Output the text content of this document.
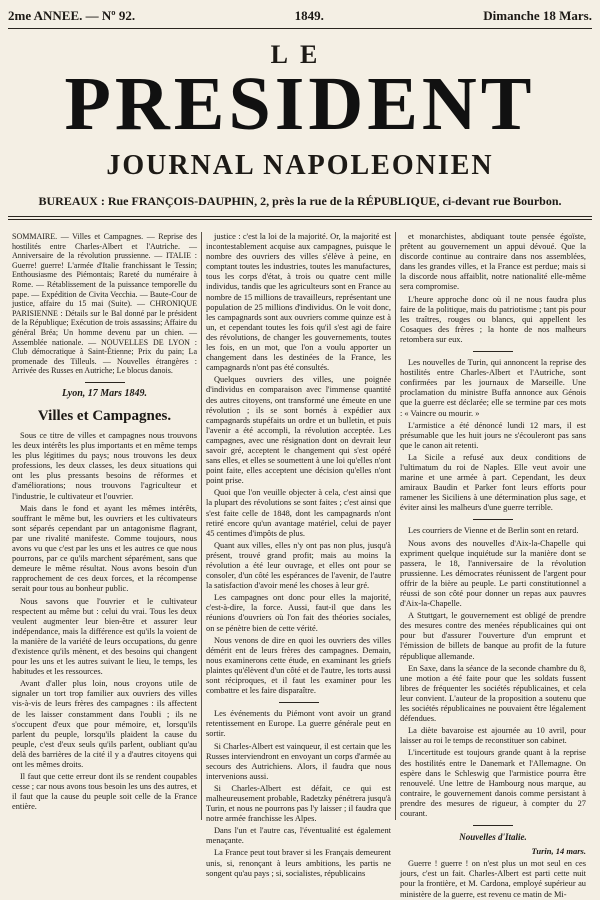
2me ANNEE. — Nº 92.	1849.	Dimanche 18 Mars.
LE
PRESIDENT
JOURNAL NAPOLEONIEN
BUREAUX : Rue FRANÇOIS-DAUPHIN, 2, près la rue de la RÉPUBLIQUE, ci-devant rue Bourbon.
SOMMAIRE. — Villes et Campagnes. — Reprise des hostilités entre Charles-Albert et l'Autriche. — Anniversaire de la révolution prussienne. — ITALIE : Guerre! guerre! L'armée d'Italie franchissant le Tessin; Enthousiasme des Piémontais; Rareté du numéraire à Rome. — Rétablissement de la puissance temporelle du pape. — Expédition de Civita Vecchia. — Baute-Cour de justice, affaire du 15 mai (Suite). — CHRONIQUE PARISIENNE : Détails sur le Bal donné par le président de la République; Exécution de trois assassins; Affaire du général Bréa; Un homme devenu par un chien. — Assemblée nationale. — NOUVELLES DE LYON : Club démocratique à Saint-Étienne; Prix du pain; La promenade des Tilleuls. — Nouvelles étrangères : Arrivée des Russes en Autriche; Le blocus danois.
Lyon, 17 Mars 1849.
Villes et Campagnes.

Sous ce titre de villes et campagnes nous trouvons les deux intérêts les plus importants et en même temps les plus légitimes du pays; nous trouvons les deux professions, les deux classes, les deux situations qui ont les plus pressants besoins de réformes et d'améliorations; nous trouvons l'agriculteur et l'industrie, le cultivateur et l'ouvrier.

Mais dans le fond et ayant les mêmes intérêts, souffrant le même but, les ouvriers et les cultivateurs sont séparés cependant par un antagonisme flagrant, par une rivalité manifeste. Comme toujours, nous avons vu que c'est par les uns et les autres ce que nous pourrons, par ce qu'ils marchent séparément, sans que demeure le même résultat. Nous avons besoin d'un rapprochement de ces deux forces, et la récompense serait pour tous au bonheur public.

Nous savons que l'ouvrier et le cultivateur respectent au même but : celui du vrai. Tous les deux veulent augmenter leur bien-être et assurer leur indépendance, mais la différence est qu'ils la voient de la manière de la variété de leurs occupations, du genre d'existence qu'ils mènent, et des besoins qui changent pour les uns et les autres suivant le lieu, le temps, les habitudes et les ressources.

Avant d'aller plus loin, nous croyons utile de signaler un tort trop familier aux ouvriers des villes vis-à-vis de leurs frères des campagnes : ils affectent de les laisser constamment dans l'oubli ; ils ne s'occupent d'eux que pour mémoire, et, lorsqu'ils parlent du peuple, lorsqu'ils plaident la cause du peuple, c'est d'eux seuls qu'ils parlent, oubliant qu'au delà des barrières de la cité il y a d'autres citoyens qui ont les mêmes droits.

Il faut que cette erreur dont ils se rendent coupables cesse ; car nous avons tous besoin les uns des autres, et il faut que la cause du peuple soit celle de la France entière.

justice : c'est la loi de la majorité. Or, la majorité est incontestablement acquise aux campagnes, puisque le nombre des ouvriers des villes s'élève à peine, en comptant toutes les industries, toutes les manufactures, tous les corps d'état, à trois ou quatre cent mille individus, tandis que les agriculteurs sont en France au nombre de 15 millions de travailleurs, représentant une population de 25 millions d'individus. On le voit donc, les campagnards sont aux ouvriers comme quinze est à un, et cependant toutes les fois qu'il s'est agi de faire des révolutions, de changer les gouvernements, toutes les fois, en un mot, que l'on a voulu apporter un changement dans les destinées de la France, les campagnards n'ont pas été consultés.

Quelques ouvriers des villes, une poignée d'individus en comparaison avec l'immense quantité des autres citoyens, ont transformé une émeute en une révolution ; ils se sont bornés à expédier aux campagnards stupéfaits un ordre et un bulletin, et puis l'avenir a été accompli, la révolution acceptée. Les campagnes, avec une résignation dont on devrait leur savoir gré, acceptent le changement qui s'est opéré sans elles, et elles se soumettent à une loi qu'elles n'ont point faite, elles acceptent une décision qu'elles n'ont point prise.

Quoi que l'on veuille objecter à cela, c'est ainsi que la plupart des révolutions se sont faites ; c'est ainsi que s'est faite celle de 1848, dont les campagnards n'ont retiré encore qu'un avantage matériel, celui de payer 45 centimes d'impôts de plus.

Quant aux villes, elles n'y ont pas non plus, jusqu'à présent, trouvé grand profit; mais au moins la révolution a été leur ouvrage, et elles ont pour se consoler, d'un côté les espérances de l'avenir, de l'autre la satisfaction d'avoir mené les choses à leur gré.

Les campagnes ont donc pour elles la majorité, c'est-à-dire, la force. Aussi, faut-il que dans les réunions d'ouvriers où l'on fait des théories sociales, on se pénètre bien de cette vérité.

Nous venons de dire en quoi les ouvriers des villes démérit ent de leurs frères des campagnes. Demain, nous examinerons cette étude, en examinant les griefs plaintes qu'élèvent d'un côté et de l'autre, les torts aussi sont réciproques, et il faut les examiner pour les combattre et les faire disparaître.

Les événements du Piémont vont avoir un grand retentissement en Europe. La guerre générale peut en sortir.

Si Charles-Albert est vainqueur, il est certain que les Russes interviendront en envoyant un corps d'armée au secours des Autrichiens. Alors, il faudra que nous intervenions aussi.

Si Charles-Albert est défait, ce qui est malheureusement probable, Radetzky pénétrera jusqu'à Turin, et nous ne pourrons pas l'y laisser ; il faudra que notre armée franchisse les Alpes.

Dans l'un et l'autre cas, l'éventualité est également menaçante.

La France peut tout braver si les Français demeurent unis, si, renonçant à leurs ambitions, les partis ne songent qu'au pays ; si, socialistes, républicains

et monarchistes, abdiquant toute pensée égoïste, prêtent au gouvernement un appui dévoué. Que la discorde continue au contraire dans nos assemblées, dans les grandes villes, et la France est perdue; mais si la discorde nous affaiblit, notre nationalité elle-même sera compromise.

L'heure approche donc où il ne nous faudra plus faire de la politique, mais du patriotisme ; tant pis pour les traîtres, rouges ou blancs, qui appellent les Cosaques des frères ; la honte de nos malheurs retombera sur eux.

Les nouvelles de Turin, qui annoncent la reprise des hostilités entre Charles-Albert et l'Autriche, sont confirmées par les journaux de Marseille. Une proclamation du ministre Buffa annonce aux Génois que la guerre est déclarée; elle se termine par ces mots : « Vaincre ou mourir. »

L'armistice a été dénoncé lundi 12 mars, il est présumable que les huit jours ne s'écouleront pas sans que le canon ait retenti.

La Sicile a refusé aux deux conditions de l'ultimatum du roi de Naples. Elle veut avoir une marine et une armée à part. Cependant, les deux amiraux Baudin et Parker font leurs efforts pour ramener les Siciliens à une détermination plus sage, et éviter ainsi les malheurs d'une guerre terrible.

Les courriers de Vienne et de Berlin sont en retard.

Nous avons des nouvelles d'Aix-la-Chapelle qui expriment quelque inquiétude sur la manière dont se passera, le 18, l'anniversaire de la révolution prussienne. Les démocrates réunissent de l'argent pour offrir de la bière au peuple. Le parti constitutionnel a réussi de son côté pour donner un repas aux pauvres d'Aix-la-Chapelle.

A Stuttgart, le gouvernement est obligé de prendre des mesures contre des menées républicaines qui ont pour but d'assurer l'ouverture d'un emprunt et l'émission de billets de banque au profit de la future république allemande.

En Saxe, dans la séance de la seconde chambre du 8, une motion a été faite pour que les soldats fussent libres de fréquenter les sociétés républicaines, et cela leur convient. L'auteur de la proposition a soutenu que les sociétés républicaines ne pouvaient être légalement défendues.

La diète bavaroise est ajournée au 10 avril, pour laisser au roi le temps de reconstituer son cabinet.

L'incertitude est toujours grande quant à la reprise des hostilités entre le Danemark et l'Allemagne. On espère dans le Schleswig que l'armistice pourra être renouvelé. Une lettre de Hambourg nous marque, au contraire, le gouvernement danois comme persistant à prendre des mesures de rigueur, à compter du 27 courant.

Nouvelles d'Italie.
Turin, 14 mars.

Guerre ! guerre ! on n'est plus un mot seul en ces jours, c'est un fait. Charles-Albert est parti cette nuit pour la frontière, et M. Cardona, employé supérieur au ministère de la guerre, est revenu ce matin de Mi-
